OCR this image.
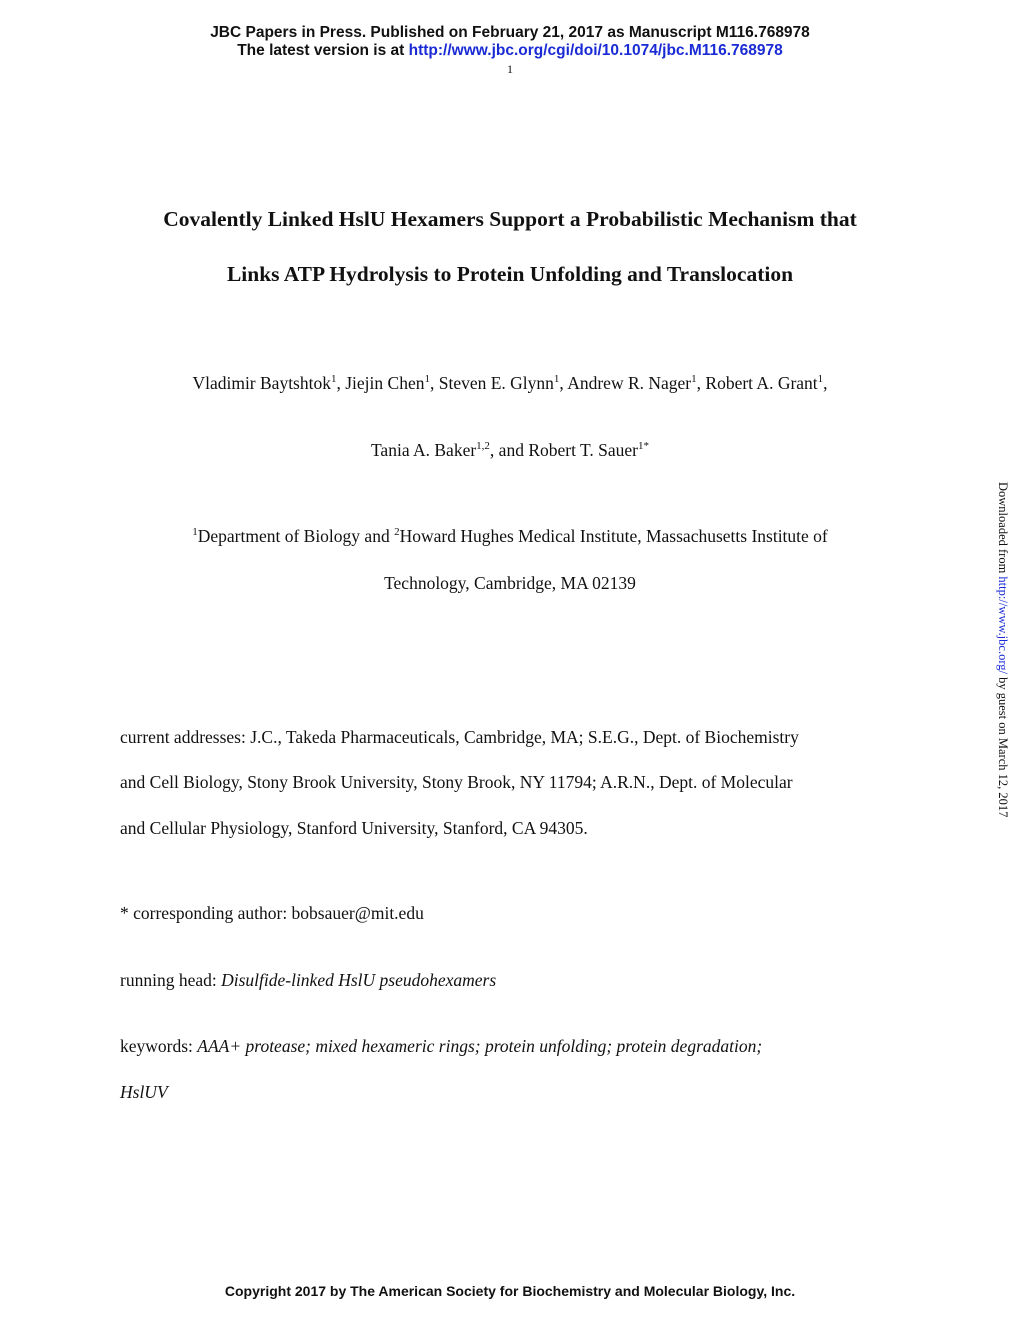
JBC Papers in Press. Published on February 21, 2017 as Manuscript M116.768978
The latest version is at http://www.jbc.org/cgi/doi/10.1074/jbc.M116.768978
1
Covalently Linked HslU Hexamers Support a Probabilistic Mechanism that
Links ATP Hydrolysis to Protein Unfolding and Translocation
Vladimir Baytshtok$^1$, Jiejin Chen$^1$, Steven E. Glynn$^1$, Andrew R. Nager$^1$, Robert A. Grant$^1$,
Tania A. Baker$^{1,2}$, and Robert T. Sauer$^{1*}$
$^1$Department of Biology and $^2$Howard Hughes Medical Institute, Massachusetts Institute of
Technology, Cambridge, MA 02139
current addresses: J.C., Takeda Pharmaceuticals, Cambridge, MA; S.E.G., Dept. of Biochemistry
and Cell Biology, Stony Brook University, Stony Brook, NY 11794; A.R.N., Dept. of Molecular
and Cellular Physiology, Stanford University, Stanford, CA 94305.
* corresponding author: bobsauer@mit.edu
running head: Disulfide-linked HslU pseudohexamers
keywords: AAA+ protease; mixed hexameric rings; protein unfolding; protein degradation;
HslUV
Downloaded from http://www.jbc.org/ by guest on March 12, 2017
Copyright 2017 by The American Society for Biochemistry and Molecular Biology, Inc.
